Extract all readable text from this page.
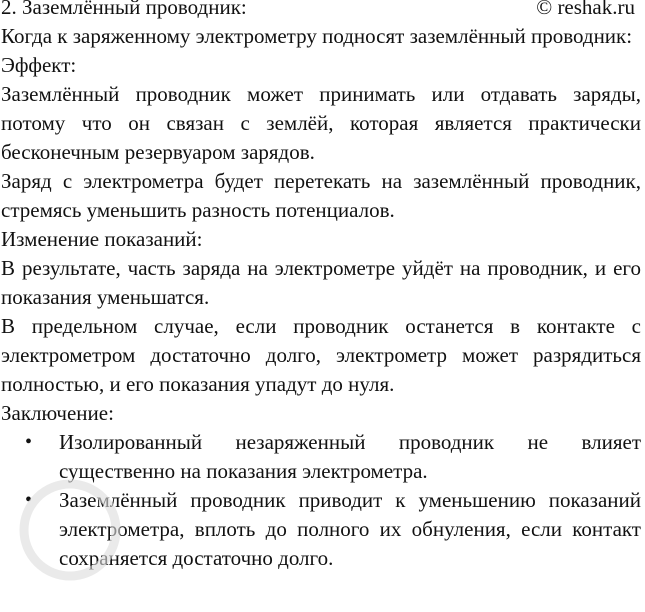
2. Заземлённый проводник:	© reshak.ru

Когда к заряженному электрометру подносят заземлённый проводник:

Эффект:

Заземлённый проводник может принимать или отдавать заряды, потому что он связан с землёй, которая является практически бесконечным резервуаром зарядов.

Заряд с электрометра будет перетекать на заземлённый проводник, стремясь уменьшить разность потенциалов.

Изменение показаний:

В результате, часть заряда на электрометре уйдёт на проводник, и его показания уменьшатся.

В предельном случае, если проводник останется в контакте с электрометром достаточно долго, электрометр может разрядиться полностью, и его показания упадут до нуля.

Заключение:
• Изолированный незаряженный проводник не влияет существенно на показания электрометра.
• Заземлённый проводник приводит к уменьшению показаний электрометра, вплоть до полного их обнуления, если контакт сохраняется достаточно долго.
